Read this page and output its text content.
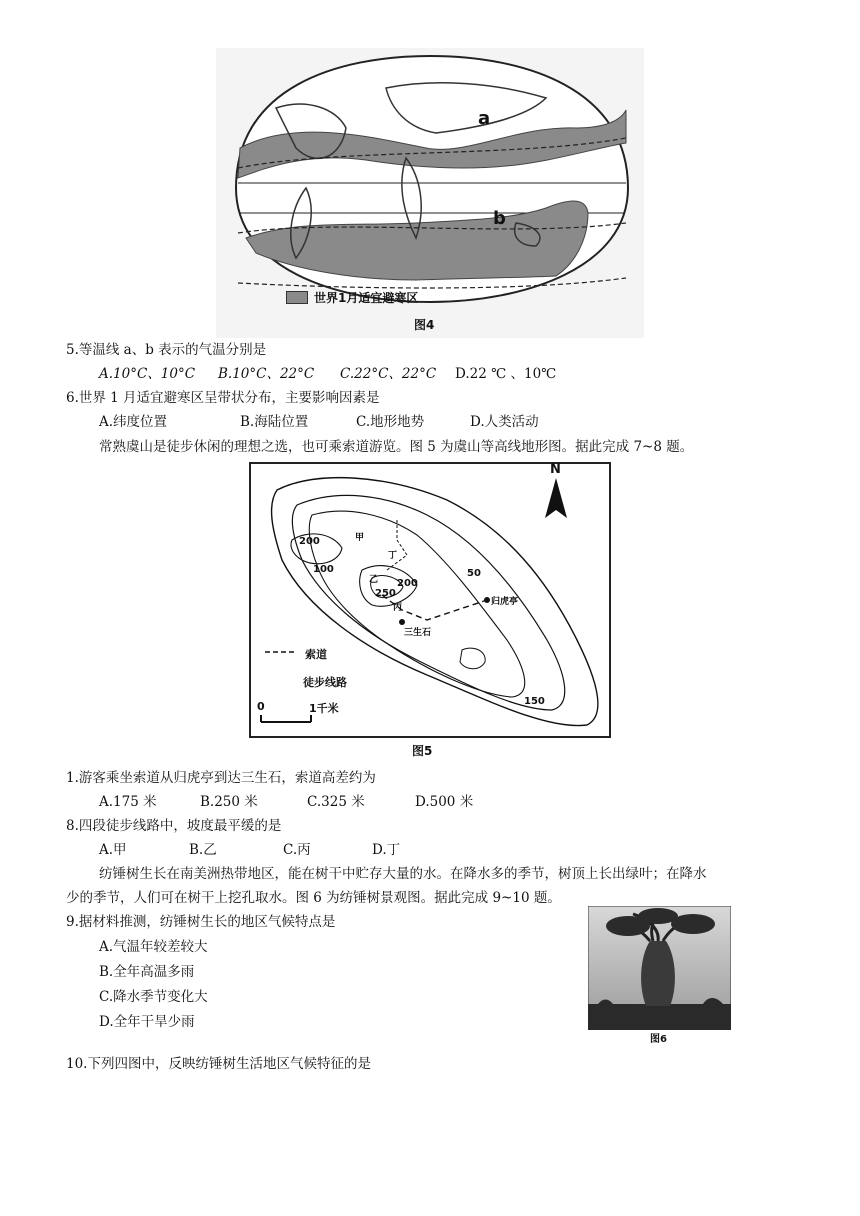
a
b
世界1月适宜避寒区
图4
5.等温线 a、b 表示的气温分别是
A.10°C、10°C B.10°C、22°C C.22°C、22°C D.22 ℃ 、10℃
6.世界 1 月适宜避寒区呈带状分布，主要影响因素是
A.纬度位置	B.海陆位置	C.地形地势	D.人类活动
常熟虞山是徒步休闲的理想之选，也可乘索道游览。图 5 为虞山等高线地形图。据此完成 7~8 题。
N
200
100
200
250
50
150
甲
乙
丙
丁
归虎亭
三生石
索道
徒步线路
0	1千米
图5
1.游客乘坐索道从归虎亭到达三生石，索道高差约为
A.175 米	B.250 米	C.325 米	D.500 米
8.四段徒步线路中，坡度最平缓的是
A.甲	B.乙	C.丙	D.丁
纺锤树生长在南美洲热带地区，能在树干中贮存大量的水。在降水多的季节，树顶上长出绿叶；在降水
少的季节，人们可在树干上挖孔取水。图 6 为纺锤树景观图。据此完成 9~10 题。
9.据材料推测，纺锤树生长的地区气候特点是
A.气温年较差较大
B.全年高温多雨
C.降水季节变化大
D.全年干旱少雨
图6
10.下列四图中，反映纺锤树生活地区气候特征的是
